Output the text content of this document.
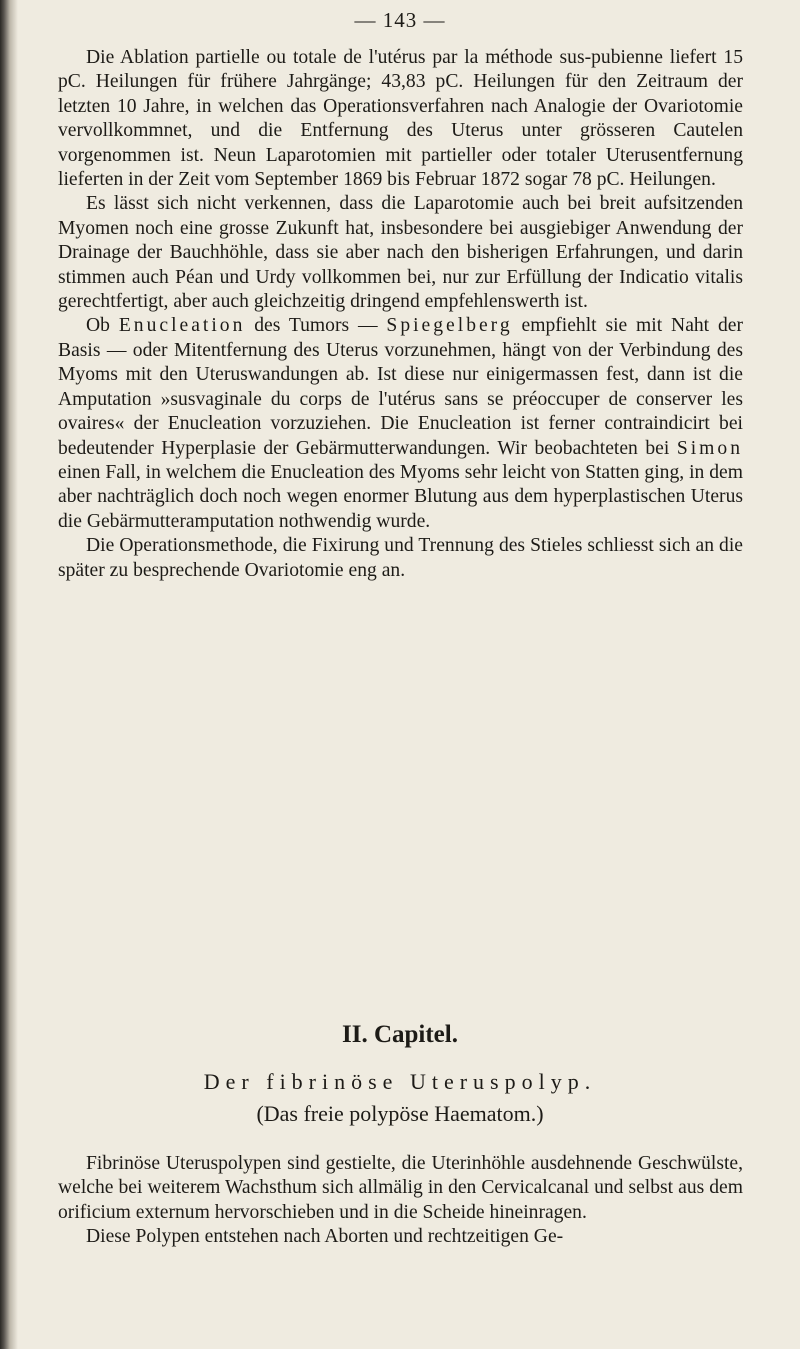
— 143 —

Die Ablation partielle ou totale de l'utérus par la méthode sus-pubienne liefert 15 pC. Heilungen für frühere Jahrgänge; 43,83 pC. Heilungen für den Zeitraum der letzten 10 Jahre, in welchen das Operationsverfahren nach Analogie der Ovariotomie vervollkommnet, und die Entfernung des Uterus unter grösseren Cautelen vorgenommen ist. Neun Laparotomien mit partieller oder totaler Uterusentfernung lieferten in der Zeit vom September 1869 bis Februar 1872 sogar 78 pC. Heilungen.

Es lässt sich nicht verkennen, dass die Laparotomie auch bei breit aufsitzenden Myomen noch eine grosse Zukunft hat, insbesondere bei ausgiebiger Anwendung der Drainage der Bauchhöhle, dass sie aber nach den bisherigen Erfahrungen, und darin stimmen auch Péan und Urdy vollkommen bei, nur zur Erfüllung der Indicatio vitalis gerechtfertigt, aber auch gleichzeitig dringend empfehlenswerth ist.

Ob Enucleation des Tumors — Spiegelberg empfiehlt sie mit Naht der Basis — oder Mitentfernung des Uterus vorzunehmen, hängt von der Verbindung des Myoms mit den Uteruswandungen ab. Ist diese nur einigermassen fest, dann ist die Amputation »susvaginale du corps de l'utérus sans se préoccuper de conserver les ovaires« der Enucleation vorzuziehen. Die Enucleation ist ferner contraindicirt bei bedeutender Hyperplasie der Gebärmutterwandungen. Wir beobachteten bei Simon einen Fall, in welchem die Enucleation des Myoms sehr leicht von Statten ging, in dem aber nachträglich doch noch wegen enormer Blutung aus dem hyperplastischen Uterus die Gebärmutteramputation nothwendig wurde.

Die Operationsmethode, die Fixirung und Trennung des Stieles schliesst sich an die später zu besprechende Ovariotomie eng an.

II. Capitel.
Der fibrinöse Uteruspolyp.
(Das freie polypöse Haematom.)

Fibrinöse Uteruspolypen sind gestielte, die Uterinhöhle ausdehnende Geschwülste, welche bei weiterem Wachsthum sich allmälig in den Cervicalcanal und selbst aus dem orificium externum hervorschieben und in die Scheide hineinragen.

Diese Polypen entstehen nach Aborten und rechtzeitigen Ge-
